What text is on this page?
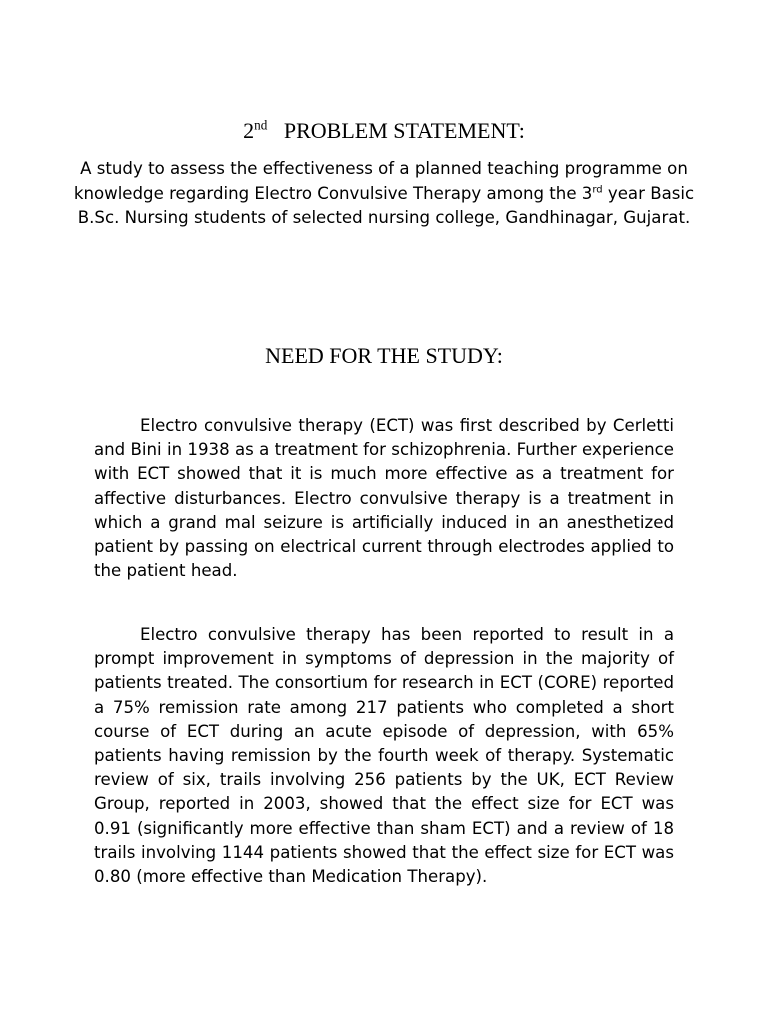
2nd PROBLEM STATEMENT:

A study to assess the effectiveness of a planned teaching programme on knowledge regarding Electro Convulsive Therapy among the 3rd year Basic B.Sc. Nursing students of selected nursing college, Gandhinagar, Gujarat.

NEED FOR THE STUDY:

Electro convulsive therapy (ECT) was first described by Cerletti and Bini in 1938 as a treatment for schizophrenia. Further experience with ECT showed that it is much more effective as a treatment for affective disturbances. Electro convulsive therapy is a treatment in which a grand mal seizure is artificially induced in an anesthetized patient by passing on electrical current through electrodes applied to the patient head.

Electro convulsive therapy has been reported to result in a prompt improvement in symptoms of depression in the majority of patients treated. The consortium for research in ECT (CORE) reported a 75% remission rate among 217 patients who completed a short course of ECT during an acute episode of depression, with 65% patients having remission by the fourth week of therapy. Systematic review of six, trails involving 256 patients by the UK, ECT Review Group, reported in 2003, showed that the effect size for ECT was 0.91 (significantly more effective than sham ECT) and a review of 18 trails involving 1144 patients showed that the effect size for ECT was 0.80 (more effective than Medication Therapy).
